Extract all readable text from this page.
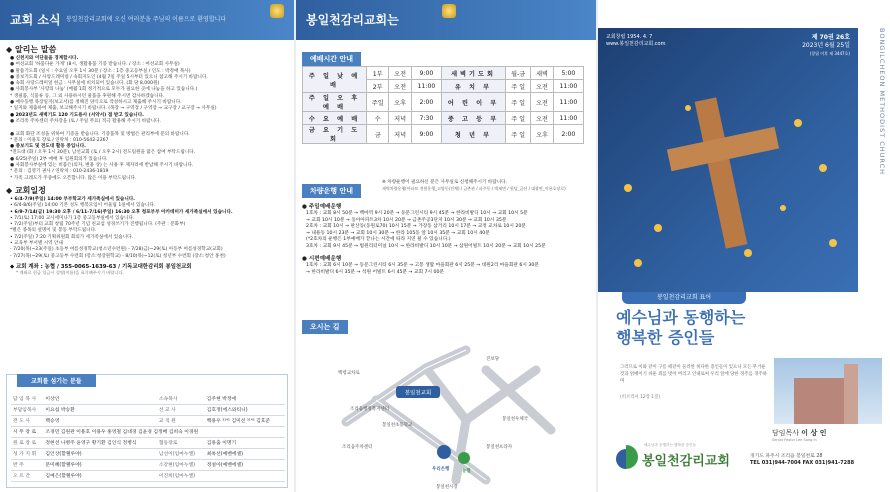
교회 소식 봉일천감리교회에 오신 여러분을 주님의 이름으로 환영합니다
◆ 알리는 말씀
● 신천지와 이단들을 경계합시다.
● 여선교회 '하품다운 가게' (8시, 생활용품 기증 받습니다. / 장소 : 여선교회 사무실)
● 말씀기도회 (일시 : 수요일 오후 1시 30분 / 장소 : 1층 중고등부실 / 인도 : 박정애 목사)
● 중보기도회 / 사랑드레미얼 / 속회지도인 (4월 7일 주일 5시부터 있으니 참고해 주시기 바랍니다.
● 속회 사랑드레미얼 헌금 : 사무실에 비치되어 있습니다. (회 당 8,000원)
● 사회봉사부 '사랑의 나눔' (매월 1회 정기적으로 모두가 필요한 곳에 나눔을 하고 있습니다.)
* 생필품, 식품류 등, 그 외 사용하시던 물품을 후원해 주시면 감사하겠습니다.
● 예수동행 목장일지(보고서)를 정해진 양식으로 작성하시고 제출해 주시기 바랍니다.
* 일지와 제출하여 제출, 보고해주시기 바랍니다. (목장 → 구역장 / 구역장 → 교구장 / 교구장 → 사무실)
● 2023년도 새벽기도 120 기도용사 (서약서) 접 받고 있습니다.
● 조리옥 주차센터 주차장을 (토 / 주일 무료) 적극 활용해 주시기 바랍니다.

● 교회 화단 조성을 위하여 기증을 받습니다. 기증품목 및 방법은 관리부에 문의 바랍니다.
* 문의 : 이용호 장로 / 연락처 : 010-5642-2267
● 중보기도 및 전도대 활동 중입니다.
*전도대 (화 / 오후 1시 30분), 남선교회 (토 / 오후 2시) 전도팀원을 많은 참여 부탁드립니다.
● 6/25(주일) 2부 예배 후 임원회의가 있습니다.
● 사회봉사부실에 있는 비품은(의자, 변용 상) 는 사용 후 제자리에 반납해 주시기 바랍니다.
* 문의 : 김영기 권사 / 연락처 : 010-2436-1819
* 가족 크레도가 주중에도 오픈합니다. 많은 이용 부탁드립니다.
◆ 교회일정
• 6/4-7/9(주일) 14:00 부부학교가 세가족실에서 있습니다.
• 6/4-8/6(주일) 14:00 기본 성도 행복모임이 어울림 1실에서 있습니다.
• 6/9-7/14(금) 19:30 오후 / 6/11-7/16(주일) 16:30 오후 청포부부 아카데미가 세가족실에서 있습니다.
• 7/1(토) 17:00 교사세미나가 1층 중고등부실에서 있습니다.
• 7/2(주일)부터 교회 창립 70주년 기념 친교섬 성경쓰기가 진행됩니다. (주관 : 문화부)
*별은 종목의 설명이 및 봉동 부탁드립니다.
• 7/2(주일) 7:20 기획위원회 회의가 세가족실에서 있습니다.
• 교육부 부서별 시역 안내
- 7/20(목)~23(주일) 초등부 여름성경학교(청소년수련원) - 7/28(금)~29(토) 아동부 여름성경학교(교회)
- 7/27(목)~29(토) 중고등부 수련회 (장소:청장원학교) - 8/10(목)~12(토) 청년부 수련회 (장소:청안 홍천)
◆ 교회 계좌 : 농협 / 355-0065-1639-63 / 기독교대한감리회 봉일천교회
* 계좌로 헌금 입금시 성명(이름)을 표기해주시기 바랍니다.
교회를 섬기는 분들
담 임 목 사	이상인	소속목사	김주현 박정애
부담임목사	이요섭 박승환	선 교 사	김호정(에스와티니)
전 도 사	백승영	교 직 원	백용우 ³¹⁴¹ 김미선 ³¹⁴⁵ 김호준
시 무 장 로	조경민 김원관 이용호 이용우 홍영철 김대경 김윤경 김정배 김희숙 이경원		
원 로 장 로	정현선 나병주 윤영구 황기환 김인식 정병식	협동장로	김용출 이명기
성 가 지 휘	김인상(할렐루야)	남선이(임마누엘)	최옥선(예벤에셀)
반 주	문미혜(할렐루야)	소강현(임마누엘)	정설아(예벤에셀)
오 르 간	김예은(할렐루야)	이진희(임마누엘)	
봉일천감리교회는
예배시간 안내
주 일 낮 예 배	1부	오전	9:00	새벽기도회	월-금	새벽	5:00
	2부	오전	11:00	유 치 부	주 일	오전	11:00
주 일 오 후 예 배	주일	오후	2:00	어 린 이 부	주 일	오전	11:00
수 요 예 배	수	저녁	7:30	중 고 등 부	주 일	오전	11:00
금 요 기 도 회	금	저녁	9:00	청 년 부	주 일	오후	2:00
차량운행 안내
※ 차량운행이 필요하신 분은 사무실로 신청해주시기 바랍니다.
새벽차량운행(아파트 전원운행_고양동(전체) / 금촌관 / 파주동 / 벽제면 / 원당_금산 / 대광면_이용호장로)
● 주일예배운행
1호차 : 교회 8시 50분 → 백마역 9시 20분 → 동문그린시티 9시 45분 → 한라비발디 10시 → 교회 10시 5분
→ 교회 10시 10분 → 동아아파트3차 10시 20분 → 금촌주공3단지 10시 30분 → 교회 10시 35분
2호차 : 교회 10시 → 판산동(동원로70) 10시 15분 → 가장동 삼거리 10시 17분 → 교정 교차로 10시 20분
→ 내용동 10시 23분 → 교회 10시 30분 → 한라 105동 앞 10시 35분 → 교회 10시 40분
(*2호차의 운행은 1부예배가 끝나는 시간에 따라 지연 될 수 있습니다.)
3호차 : 교회 9시 45분 → 법원리터미널 10시 → 한라비발디 10시 10분 → 삼원어빌트 10시 20분 → 교회 10시 25분
● 시편예배운행
1호차 : 교회 6시 10분 → 동문그린시티 6시 35분 → 고봉 생활 마을회관 6시 25분 → 대원2리 마을회관 6시 30분
→ 한라비발디 6시 35분 → 석원 어빌트 6시 45분 → 교회 7시 00분
오시는 길
봉일천교회
백령교차로
조리읍행정복지센터
봉일천초등학교
우리은행
봉일천프라자
농협
조리읍주차센터
봉일천우체국
봉일천시장
진보당
교회창립 1954. 4. 7
www.봉일천감리교회.com
제 70권 26호
2023년 6월 25일
(창립 이후 제 3447호)	BONGILCHEON METHODIST CHURCH
봉일천감리교회 표어
예수님과 동행하는
행복한 증인들
그러므로 이와 같이 구름 떼같이 둘러싼 허다한 증인들이 있으니 모든 무거운 것과 얽매이기 쉬운 죄를 벗어 버리고 인내로써 우리 앞에 당한 경주를 경주하며
(히브리서 12장 1절)
담임목사 이 상 인
Senior Pastor Lee Sang In
예수님과 동행하는 행복한 증인들
봉일천감리교회	경기도 파주시 조리읍 봉일천로 28
TEL 031)944-7004 FAX 031)941-7288
